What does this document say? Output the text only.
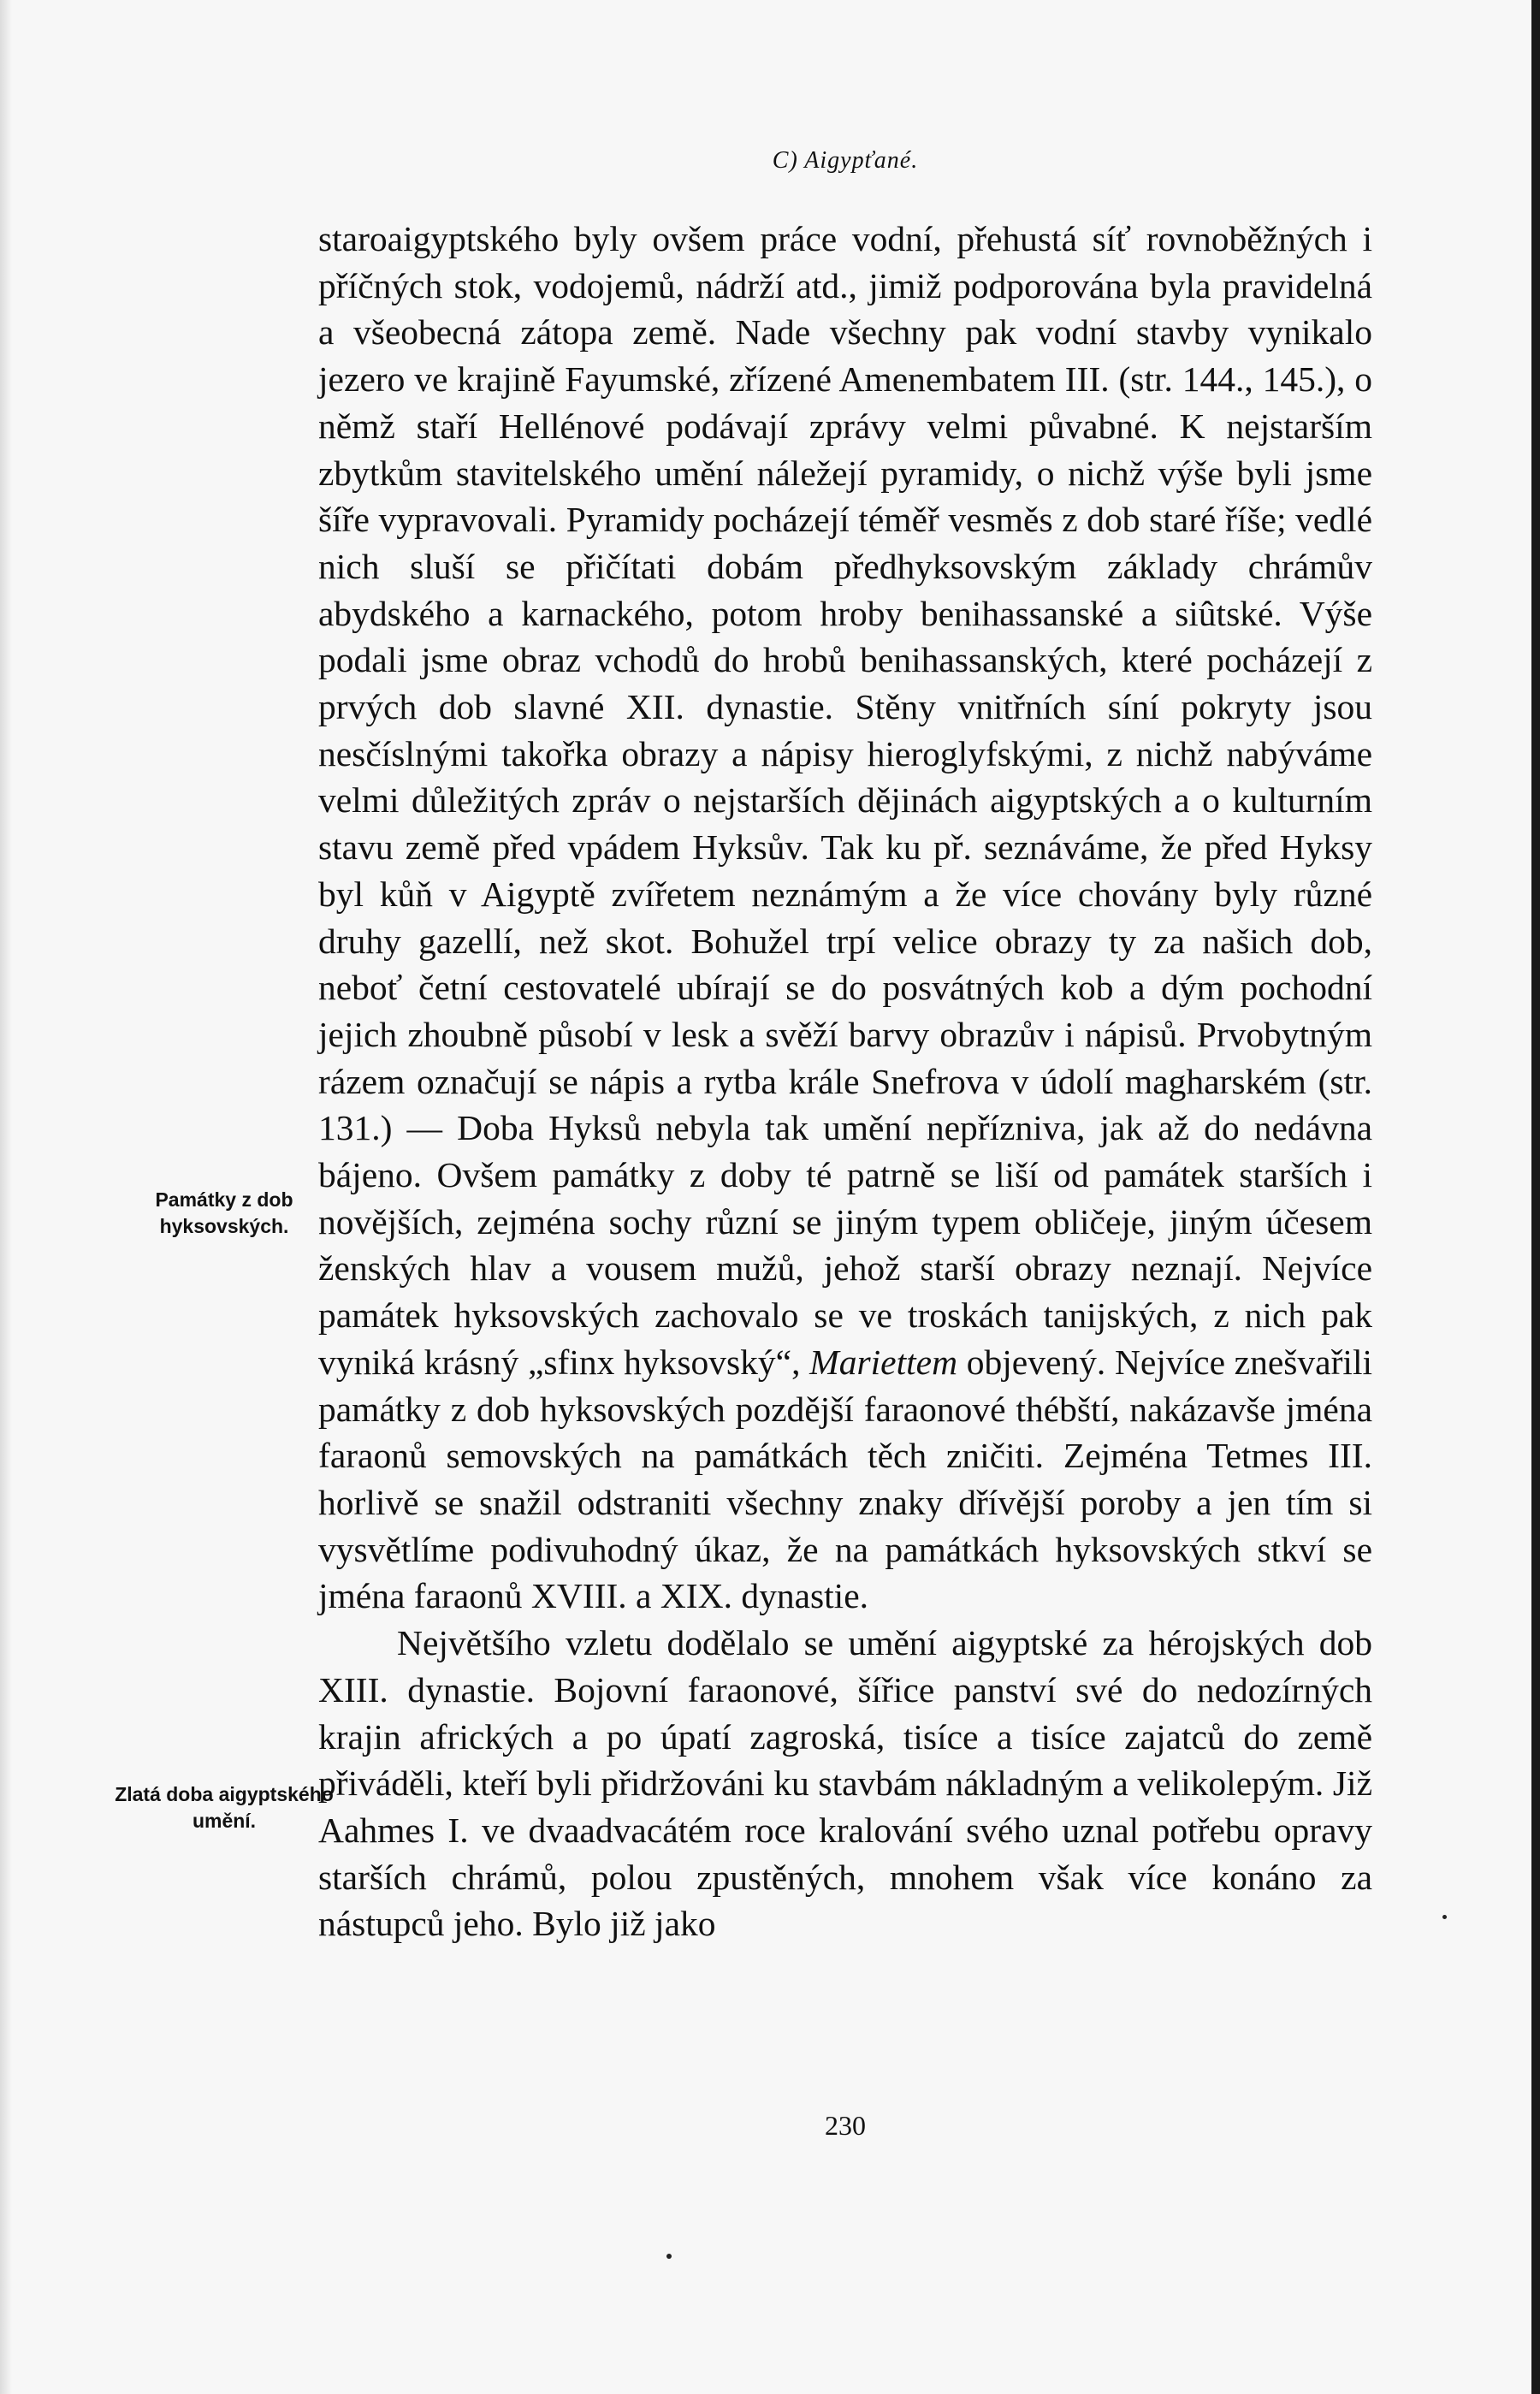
C) Aigypťané.
Památky z dob hyksovských.
Zlatá doba aigyptského umění.

staroaigyptského byly ovšem práce vodní, přehustá síť rovnoběžných i příčných stok, vodojemů, nádrží atd., jimiž podporována byla pravidelná a všeobecná zátopa země. Nade všechny pak vodní stavby vynikalo jezero ve krajině Fayumské, zřízené Amenembatem III. (str. 144., 145.), o němž staří Hellénové podávají zprávy velmi půvabné. K nejstarším zbytkům stavitelského umění náležejí pyramidy, o nichž výše byli jsme šíře vypravovali. Pyramidy pocházejí téměř vesměs z dob staré říše; vedlé nich sluší se přičítati dobám předhyksovským základy chrámův abydského a karnackého, potom hroby benihassanské a siûtské. Výše podali jsme obraz vchodů do hrobů benihassanských, které pocházejí z prvých dob slavné XII. dynastie. Stěny vnitřních síní pokryty jsou nesčíslnými takořka obrazy a nápisy hieroglyfskými, z nichž nabýváme velmi důležitých zpráv o nejstarších dějinách aigyptských a o kulturním stavu země před vpádem Hyksův. Tak ku př. seznáváme, že před Hyksy byl kůň v Aigyptě zvířetem neznámým a že více chovány byly různé druhy gazellí, než skot. Bohužel trpí velice obrazy ty za našich dob, neboť četní cestovatelé ubírají se do posvátných kob a dým pochodní jejich zhoubně působí v lesk a svěží barvy obrazův i nápisů. Prvobytným rázem označují se nápis a rytba krále Snefrova v údolí magharském (str. 131.) — Doba Hyksů nebyla tak umění nepřízniva, jak až do nedávna bájeno. Ovšem památky z doby té patrně se liší od památek starších i novějších, zejména sochy různí se jiným typem obličeje, jiným účesem ženských hlav a vousem mužů, jehož starší obrazy neznají. Nejvíce památek hyksovských zachovalo se ve troskách tanijských, z nich pak vyniká krásný „sfinx hyksovský“, Mariettem objevený. Nejvíce znešvařili památky z dob hyksovských pozdější faraonové thébští, nakázavše jména faraonů semovských na památkách těch zničiti. Zejména Tetmes III. horlivě se snažil odstraniti všechny znaky dřívější poroby a jen tím si vysvětlíme podivuhodný úkaz, že na památkách hyksovských stkví se jména faraonů XVIII. a XIX. dynastie.

Největšího vzletu dodělalo se umění aigyptské za hérojských dob XIII. dynastie. Bojovní faraonové, šířice panství své do nedozírných krajin afrických a po úpatí zagroská, tisíce a tisíce zajatců do země přiváděli, kteří byli přidržováni ku stavbám nákladným a velikolepým. Již Aahmes I. ve dvaadvacátém roce kralování svého uznal potřebu opravy starších chrámů, polou zpustěných, mnohem však více konáno za nástupců jeho. Bylo již jako

230
